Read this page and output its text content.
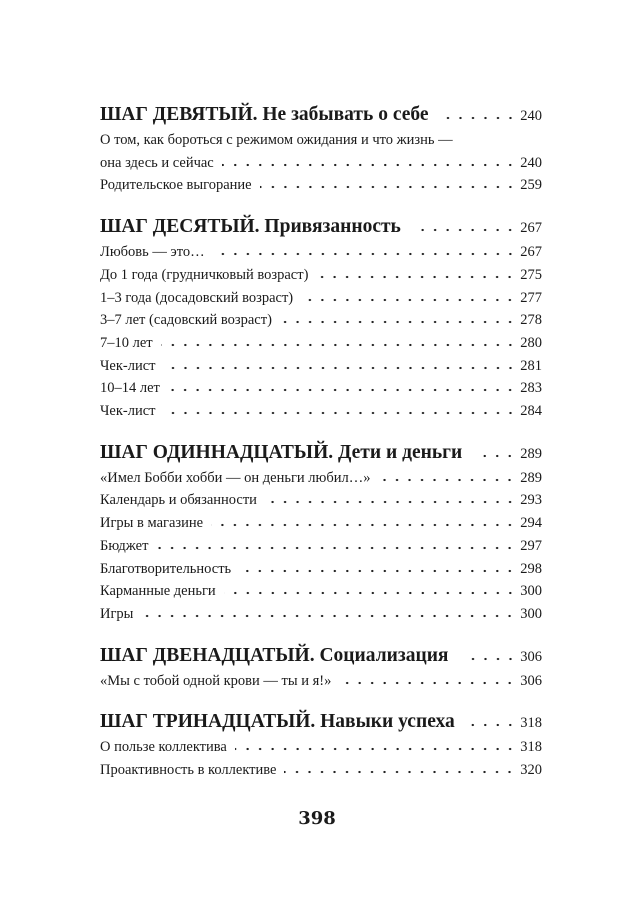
ШАГ ДЕВЯТЫЙ. Не забывать о себе	240
О том, как бороться с режимом ожидания и что жизнь —
она здесь и сейчас	240
Родительское выгорание	259
ШАГ ДЕСЯТЫЙ. Привязанность	267
Любовь — это…	267
До 1 года (грудничковый возраст)	275
1–3 года (досадовский возраст)	277
3–7 лет (садовский возраст)	278
7–10 лет	280
Чек-лист	281
10–14 лет	283
Чек-лист	284
ШАГ ОДИННАДЦАТЫЙ. Дети и деньги	289
«Имел Бобби хобби — он деньги любил…»	289
Календарь и обязанности	293
Игры в магазине	294
Бюджет	297
Благотворительность	298
Карманные деньги	300
Игры	300
ШАГ ДВЕНАДЦАТЫЙ. Социализация	306
«Мы с тобой одной крови — ты и я!»	306
ШАГ ТРИНАДЦАТЫЙ. Навыки успеха	318
О пользе коллектива	318
Проактивность в коллективе	320
398
